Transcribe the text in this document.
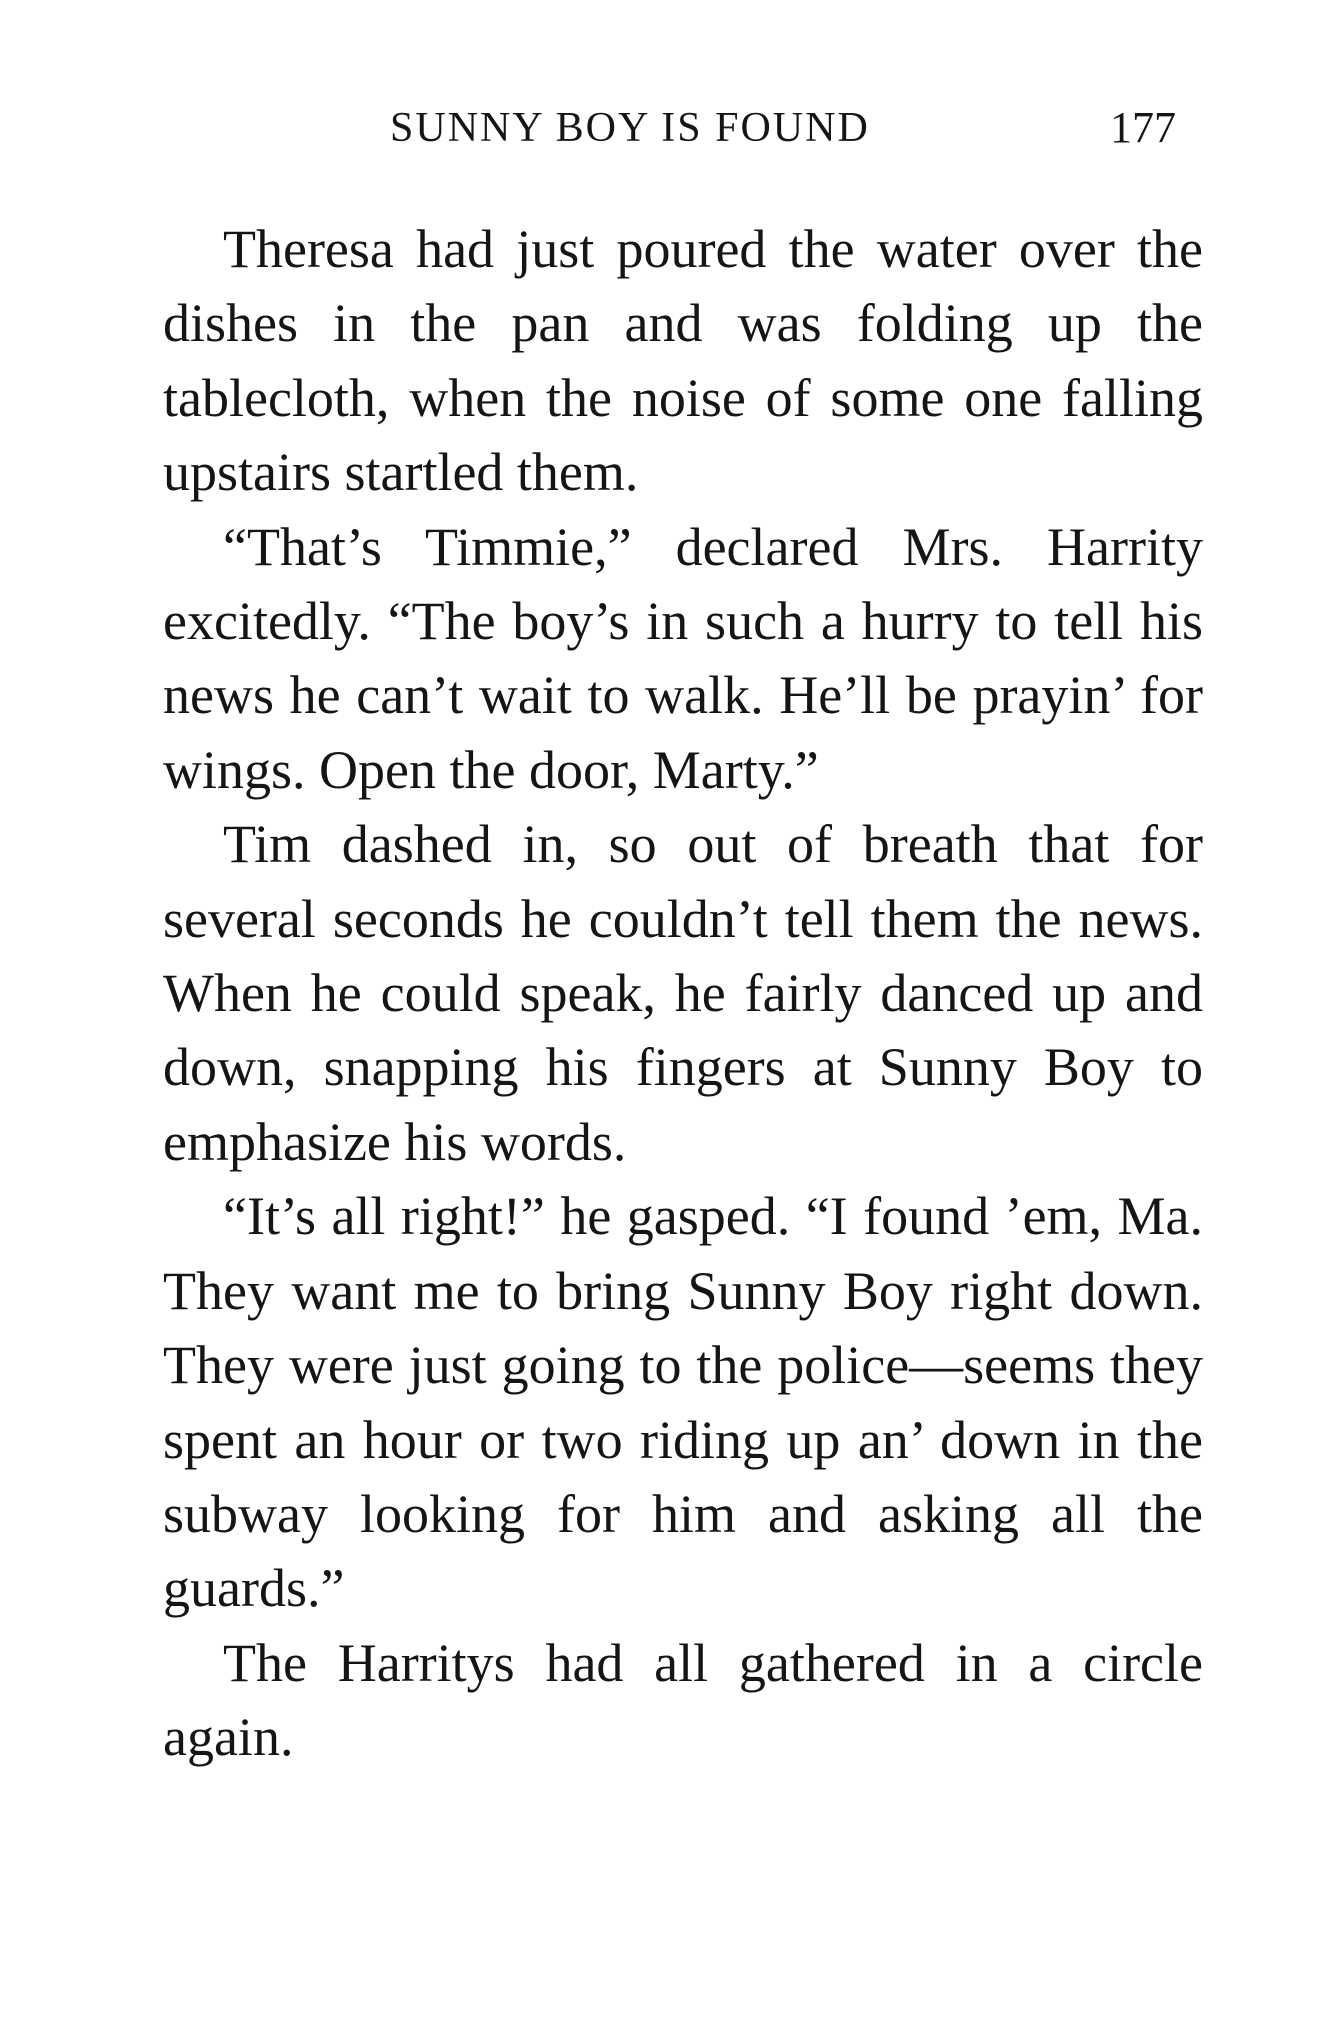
SUNNY BOY IS FOUND	177

Theresa had just poured the water over the dishes in the pan and was folding up the tablecloth, when the noise of some one falling upstairs startled them.

“That’s Timmie,” declared Mrs. Harrity excitedly. “The boy’s in such a hurry to tell his news he can’t wait to walk. He’ll be prayin’ for wings. Open the door, Marty.”

Tim dashed in, so out of breath that for several seconds he couldn’t tell them the news. When he could speak, he fairly danced up and down, snapping his fingers at Sunny Boy to emphasize his words.

“It’s all right!” he gasped. “I found ’em, Ma. They want me to bring Sunny Boy right down. They were just going to the police—seems they spent an hour or two riding up an’ down in the subway looking for him and asking all the guards.”

The Harritys had all gathered in a circle again.
